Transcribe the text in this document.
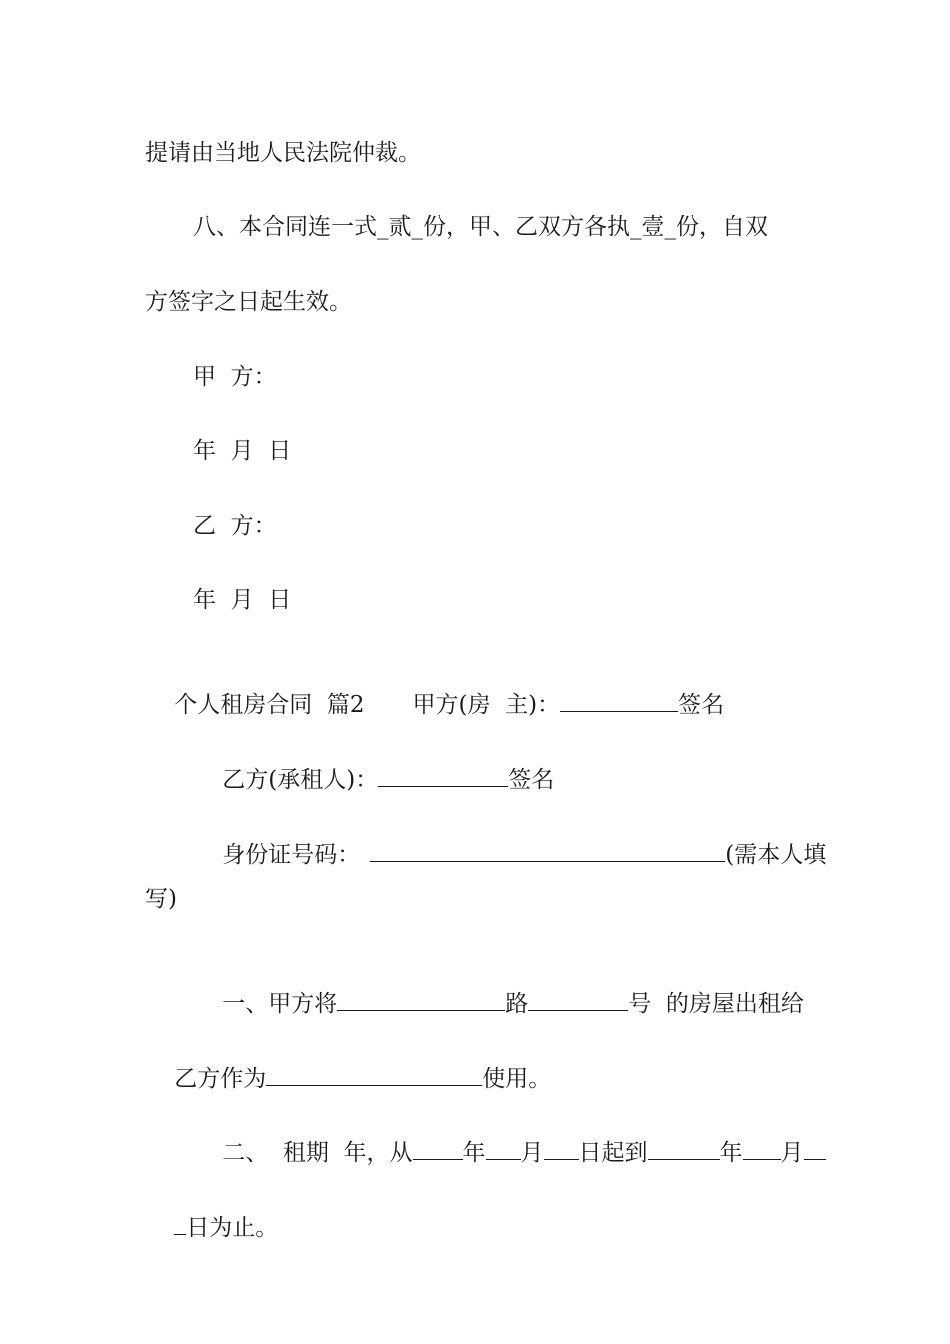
提请由当地人民法院仲裁。
八、本合同连一式_贰_份，甲、乙双方各执_壹_份，自双
方签字之日起生效。
甲  方：
年  月  日
乙  方：
年  月  日

个人租房合同  篇2 甲方(房  主)：	签名

乙方(承租人)：	签名

身份证号码：	(需本人填

写)

一、甲方将	路	号  的房屋出租给

乙方作为	使用。

二、  租期  年，从 年 月 日起到	年 月

日为止。
